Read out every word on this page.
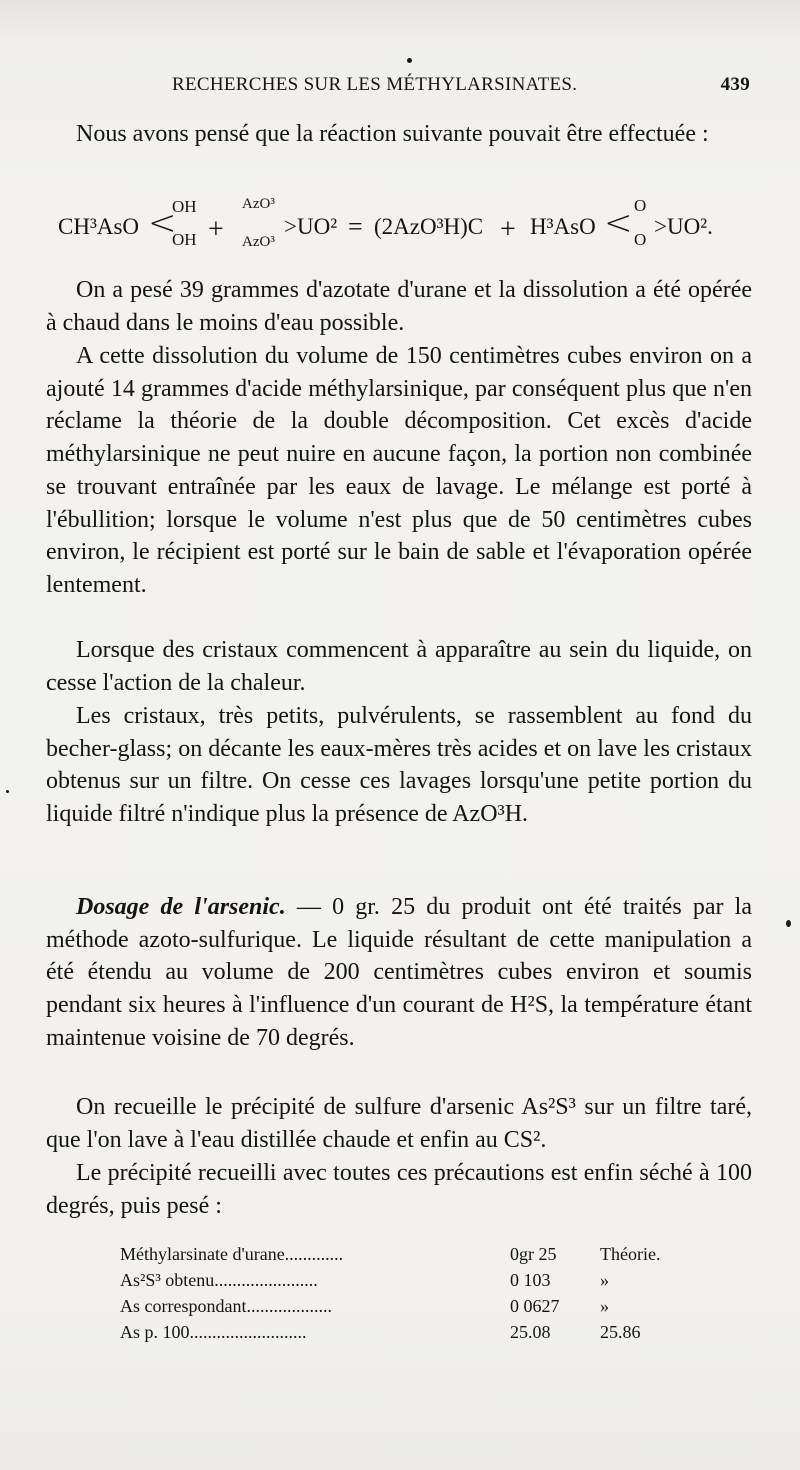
RECHERCHES SUR LES MÉTHYLARSINATES.	439

Nous avons pensé que la réaction suivante pouvait être effectuée :

CH³AsO <
OH
OH +
AzO³
AzO³
>UO² = (2AzO³H)C + H³AsO < O
O
>UO².

On a pesé 39 grammes d'azotate d'urane et la dissolution a été opérée à chaud dans le moins d'eau possible.

A cette dissolution du volume de 150 centimètres cubes environ on a ajouté 14 grammes d'acide méthylarsinique, par conséquent plus que n'en réclame la théorie de la double décomposition. Cet excès d'acide méthylarsinique ne peut nuire en aucune façon, la portion non combinée se trouvant entraînée par les eaux de lavage. Le mélange est porté à l'ébullition; lorsque le volume n'est plus que de 50 centimètres cubes environ, le récipient est porté sur le bain de sable et l'évaporation opérée lentement.

Lorsque des cristaux commencent à apparaître au sein du liquide, on cesse l'action de la chaleur.

Les cristaux, très petits, pulvérulents, se rassemblent au fond du becher-glass; on décante les eaux-mères très acides et on lave les cristaux obtenus sur un filtre. On cesse ces lavages lorsqu'une petite portion du liquide filtré n'indique plus la présence de AzO³H.

Dosage de l'arsenic. — 0 gr. 25 du produit ont été traités par la méthode azoto-sulfurique. Le liquide résultant de cette manipulation a été étendu au volume de 200 centimètres cubes environ et soumis pendant six heures à l'influence d'un courant de H²S, la température étant maintenue voisine de 70 degrés.

On recueille le précipité de sulfure d'arsenic As²S³ sur un filtre taré, que l'on lave à l'eau distillée chaude et enfin au CS².

Le précipité recueilli avec toutes ces précautions est enfin séché à 100 degrés, puis pesé :

Méthylarsinate d'urane.............	0gr 25 Théorie.
As²S³ obtenu.......................	0 103	»
As correspondant...................	0 0627 »
As p. 100..........................	25.08	25.86
